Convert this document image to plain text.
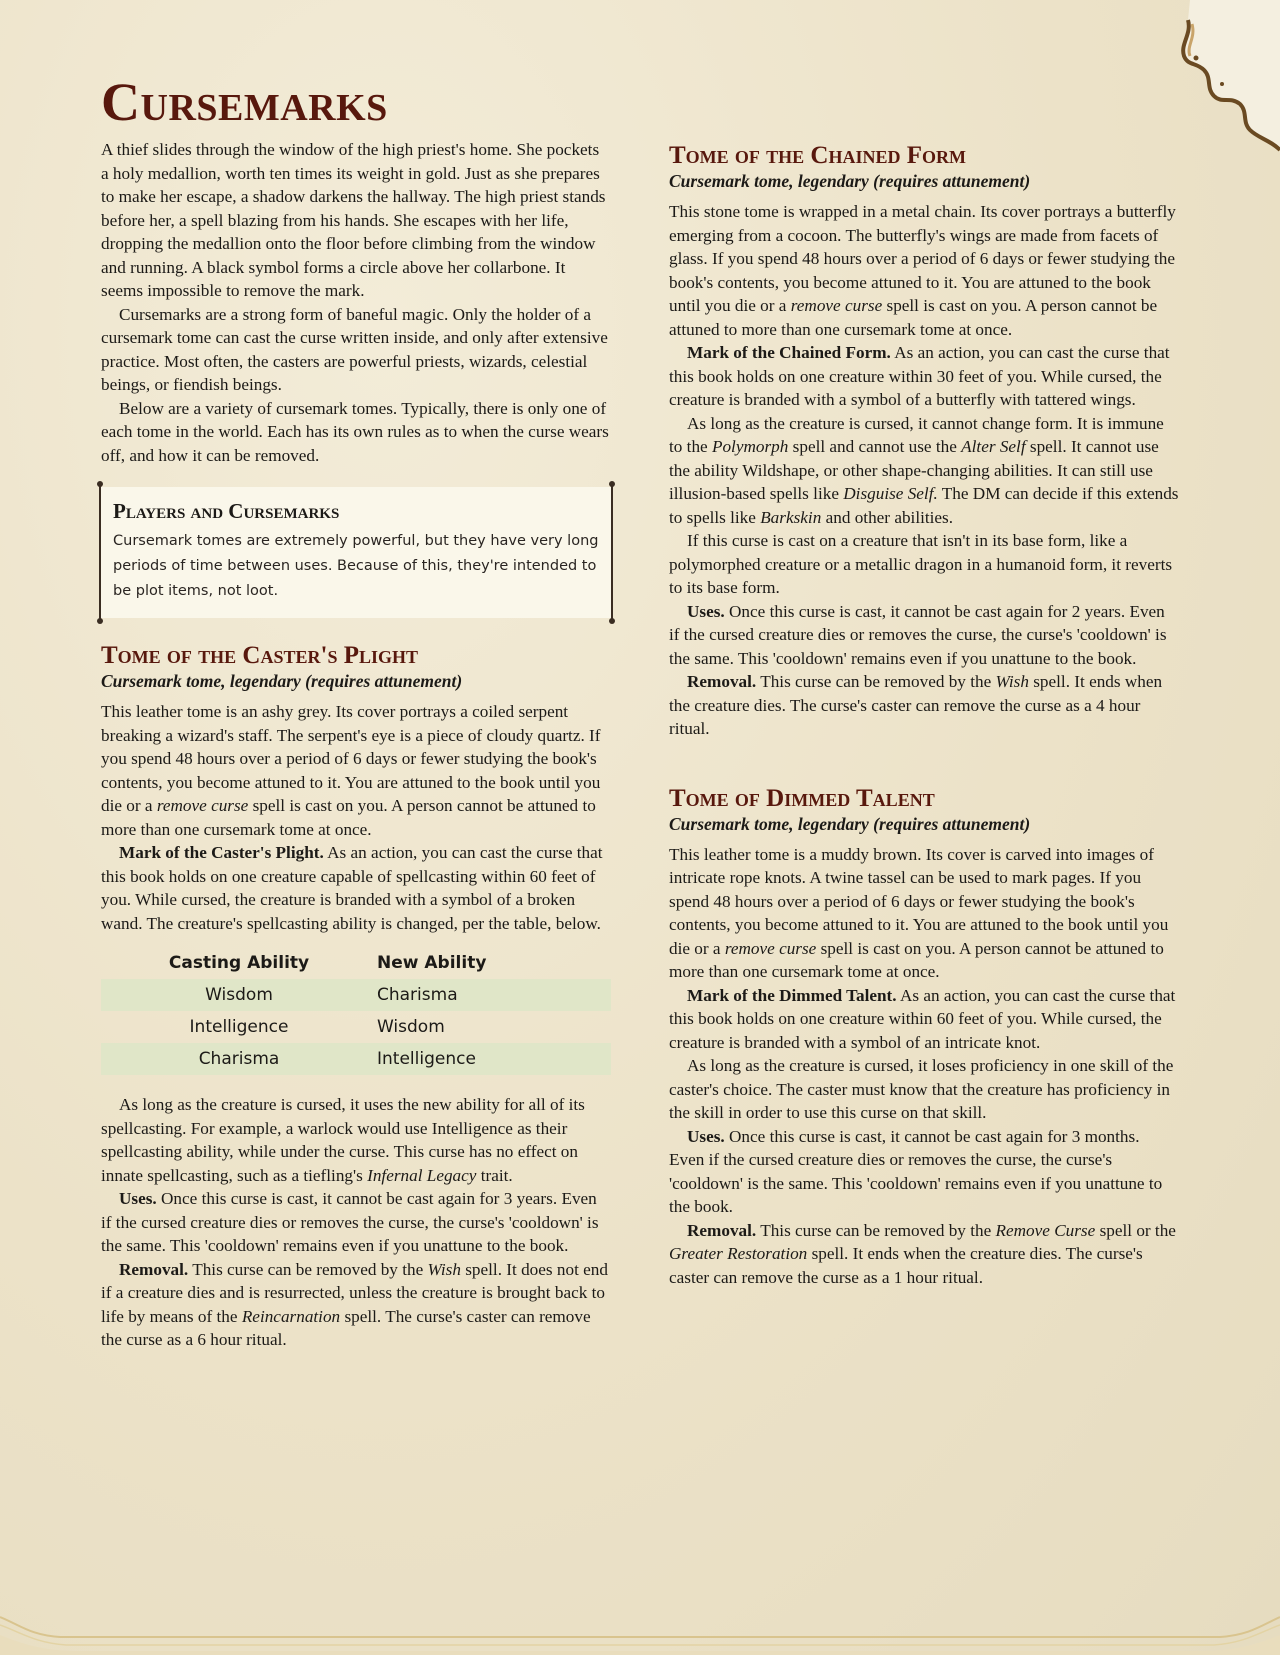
Cursemarks

A thief slides through the window of the high priest's home. She pockets a holy medallion, worth ten times its weight in gold. Just as she prepares to make her escape, a shadow darkens the hallway. The high priest stands before her, a spell blazing from his hands. She escapes with her life, dropping the medallion onto the floor before climbing from the window and running. A black symbol forms a circle above her collarbone. It seems impossible to remove the mark.

Cursemarks are a strong form of baneful magic. Only the holder of a cursemark tome can cast the curse written inside, and only after extensive practice. Most often, the casters are powerful priests, wizards, celestial beings, or fiendish beings.

Below are a variety of cursemark tomes. Typically, there is only one of each tome in the world. Each has its own rules as to when the curse wears off, and how it can be removed.

Players and Cursemarks
Cursemark tomes are extremely powerful, but they have very long periods of time between uses. Because of this, they're intended to be plot items, not loot.
Tome of the Caster's Plight
Cursemark tome, legendary (requires attunement)

This leather tome is an ashy grey. Its cover portrays a coiled serpent breaking a wizard's staff. The serpent's eye is a piece of cloudy quartz. If you spend 48 hours over a period of 6 days or fewer studying the book's contents, you become attuned to it. You are attuned to the book until you die or a remove curse spell is cast on you. A person cannot be attuned to more than one cursemark tome at once.

Mark of the Caster's Plight. As an action, you can cast the curse that this book holds on one creature capable of spellcasting within 60 feet of you. While cursed, the creature is branded with a symbol of a broken wand. The creature's spellcasting ability is changed, per the table, below.

Casting Ability	New Ability
Wisdom	Charisma
Intelligence	Wisdom
Charisma	Intelligence

As long as the creature is cursed, it uses the new ability for all of its spellcasting. For example, a warlock would use Intelligence as their spellcasting ability, while under the curse. This curse has no effect on innate spellcasting, such as a tiefling's Infernal Legacy trait.

Uses. Once this curse is cast, it cannot be cast again for 3 years. Even if the cursed creature dies or removes the curse, the curse's 'cooldown' is the same. This 'cooldown' remains even if you unattune to the book.

Removal. This curse can be removed by the Wish spell. It does not end if a creature dies and is resurrected, unless the creature is brought back to life by means of the Reincarnation spell. The curse's caster can remove the curse as a 6 hour ritual.

Tome of the Chained Form
Cursemark tome, legendary (requires attunement)

This stone tome is wrapped in a metal chain. Its cover portrays a butterfly emerging from a cocoon. The butterfly's wings are made from facets of glass. If you spend 48 hours over a period of 6 days or fewer studying the book's contents, you become attuned to it. You are attuned to the book until you die or a remove curse spell is cast on you. A person cannot be attuned to more than one cursemark tome at once.

Mark of the Chained Form. As an action, you can cast the curse that this book holds on one creature within 30 feet of you. While cursed, the creature is branded with a symbol of a butterfly with tattered wings.

As long as the creature is cursed, it cannot change form. It is immune to the Polymorph spell and cannot use the Alter Self spell. It cannot use the ability Wildshape, or other shape-changing abilities. It can still use illusion-based spells like Disguise Self. The DM can decide if this extends to spells like Barkskin and other abilities.

If this curse is cast on a creature that isn't in its base form, like a polymorphed creature or a metallic dragon in a humanoid form, it reverts to its base form.

Uses. Once this curse is cast, it cannot be cast again for 2 years. Even if the cursed creature dies or removes the curse, the curse's 'cooldown' is the same. This 'cooldown' remains even if you unattune to the book.

Removal. This curse can be removed by the Wish spell. It ends when the creature dies. The curse's caster can remove the curse as a 4 hour ritual.

Tome of Dimmed Talent
Cursemark tome, legendary (requires attunement)

This leather tome is a muddy brown. Its cover is carved into images of intricate rope knots. A twine tassel can be used to mark pages. If you spend 48 hours over a period of 6 days or fewer studying the book's contents, you become attuned to it. You are attuned to the book until you die or a remove curse spell is cast on you. A person cannot be attuned to more than one cursemark tome at once.

Mark of the Dimmed Talent. As an action, you can cast the curse that this book holds on one creature within 60 feet of you. While cursed, the creature is branded with a symbol of an intricate knot.

As long as the creature is cursed, it loses proficiency in one skill of the caster's choice. The caster must know that the creature has proficiency in the skill in order to use this curse on that skill.

Uses. Once this curse is cast, it cannot be cast again for 3 months. Even if the cursed creature dies or removes the curse, the curse's 'cooldown' is the same. This 'cooldown' remains even if you unattune to the book.

Removal. This curse can be removed by the Remove Curse spell or the Greater Restoration spell. It ends when the creature dies. The curse's caster can remove the curse as a 1 hour ritual.
